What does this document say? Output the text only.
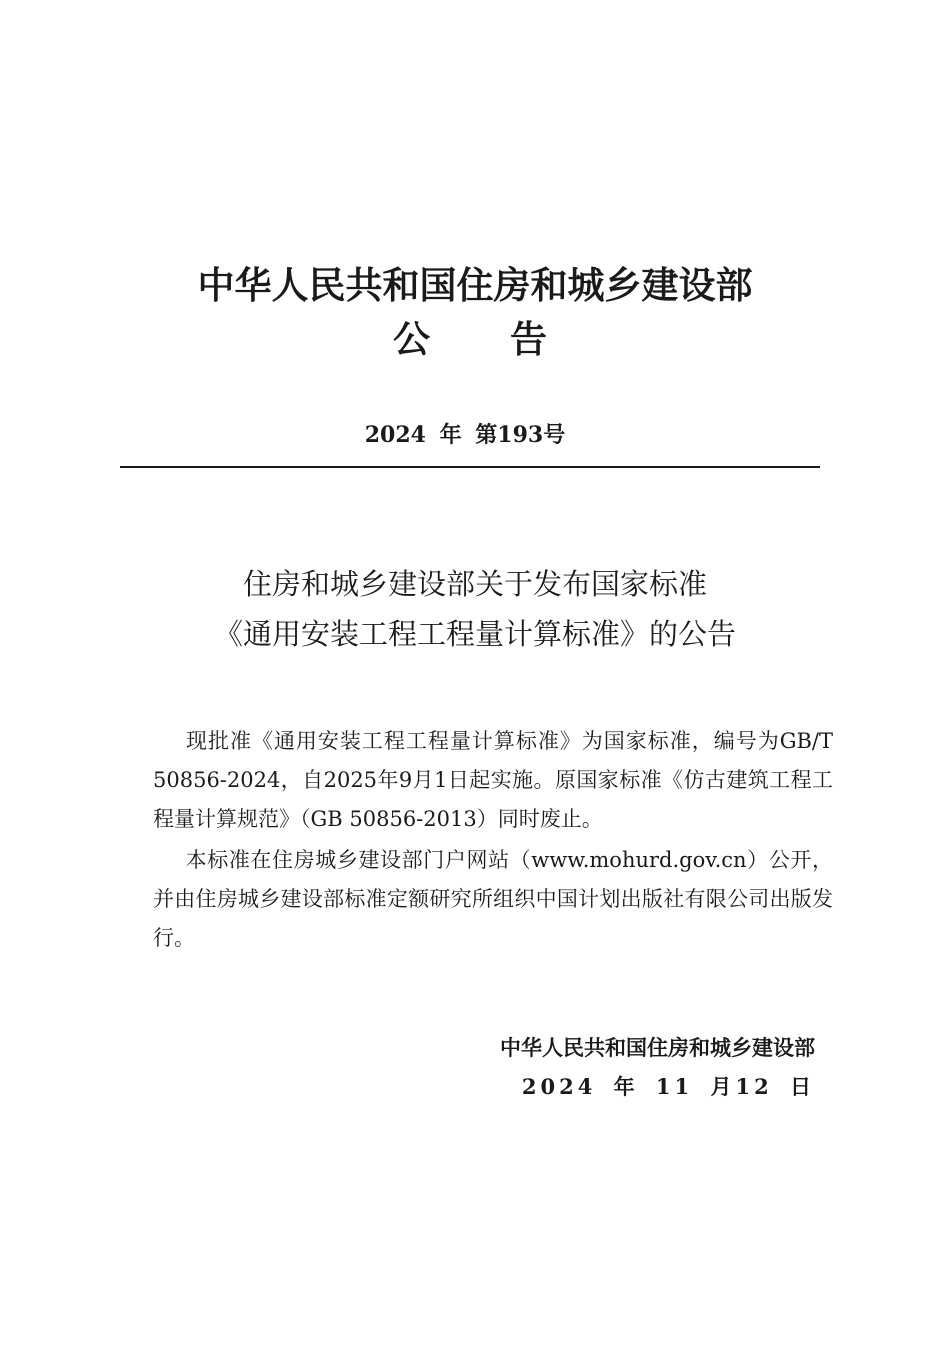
中华人民共和国住房和城乡建设部
公告
2024 年 第193号
住房和城乡建设部关于发布国家标准
《通用安装工程工程量计算标准》的公告
现批准《通用安装工程工程量计算标准》为国家标准，编号为GB/T 50856-2024，自2025年9月1日起实施。原国家标准《仿古建筑工程工程量计算规范》（GB 50856-2013）同时废止。
本标准在住房城乡建设部门户网站（www.mohurd.gov.cn）公开，并由住房城乡建设部标准定额研究所组织中国计划出版社有限公司出版发行。
中华人民共和国住房和城乡建设部
2024 年 11 月12 日
